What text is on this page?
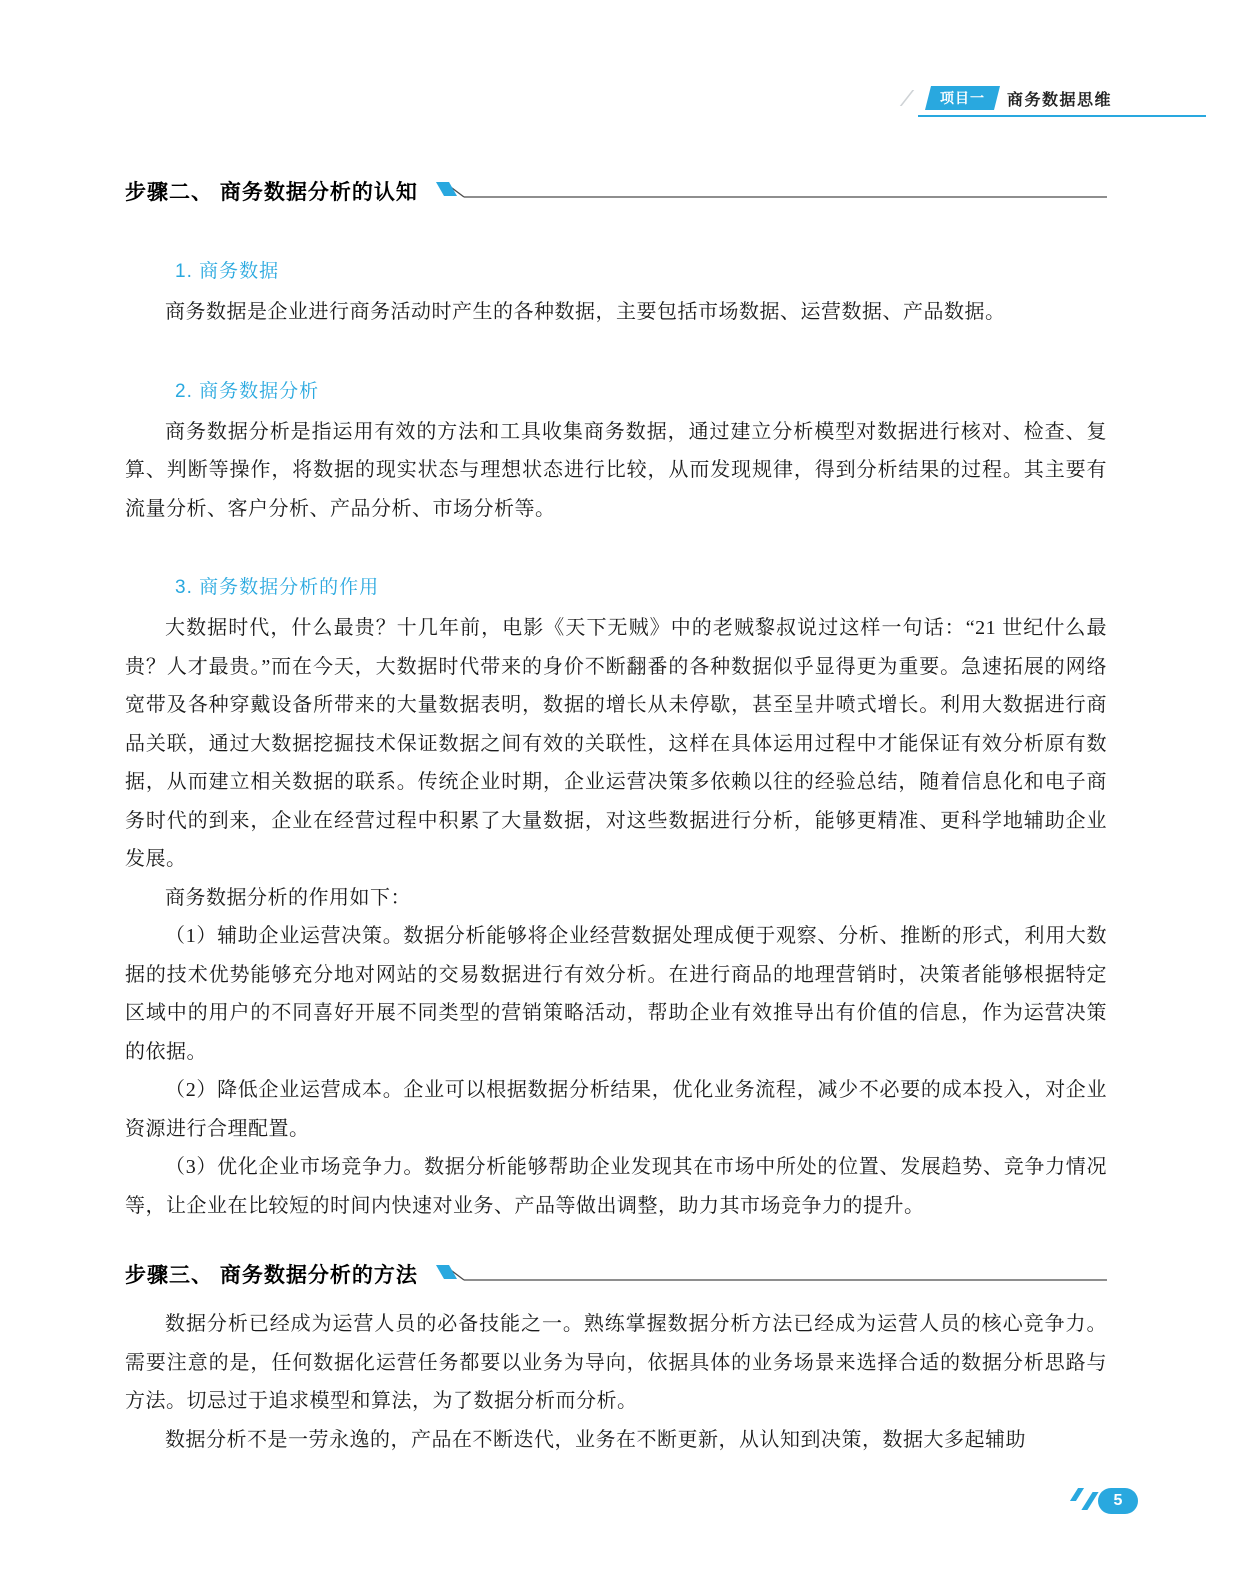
项目一 商务数据思维
步骤二、 商务数据分析的认知
1. 商务数据

商务数据是企业进行商务活动时产生的各种数据，主要包括市场数据、运营数据、产品数据。

2. 商务数据分析

商务数据分析是指运用有效的方法和工具收集商务数据，通过建立分析模型对数据进行核对、检查、复算、判断等操作，将数据的现实状态与理想状态进行比较，从而发现规律，得到分析结果的过程。其主要有流量分析、客户分析、产品分析、市场分析等。

3. 商务数据分析的作用

大数据时代，什么最贵？十几年前，电影《天下无贼》中的老贼黎叔说过这样一句话：“21 世纪什么最贵？人才最贵。”而在今天，大数据时代带来的身价不断翻番的各种数据似乎显得更为重要。急速拓展的网络宽带及各种穿戴设备所带来的大量数据表明，数据的增长从未停歇，甚至呈井喷式增长。利用大数据进行商品关联，通过大数据挖掘技术保证数据之间有效的关联性，这样在具体运用过程中才能保证有效分析原有数据，从而建立相关数据的联系。传统企业时期，企业运营决策多依赖以往的经验总结，随着信息化和电子商务时代的到来，企业在经营过程中积累了大量数据，对这些数据进行分析，能够更精准、更科学地辅助企业发展。

商务数据分析的作用如下：

（1）辅助企业运营决策。数据分析能够将企业经营数据处理成便于观察、分析、推断的形式，利用大数据的技术优势能够充分地对网站的交易数据进行有效分析。在进行商品的地理营销时，决策者能够根据特定区域中的用户的不同喜好开展不同类型的营销策略活动，帮助企业有效推导出有价值的信息，作为运营决策的依据。

（2）降低企业运营成本。企业可以根据数据分析结果，优化业务流程，减少不必要的成本投入，对企业资源进行合理配置。

（3）优化企业市场竞争力。数据分析能够帮助企业发现其在市场中所处的位置、发展趋势、竞争力情况等，让企业在比较短的时间内快速对业务、产品等做出调整，助力其市场竞争力的提升。

步骤三、 商务数据分析的方法

数据分析已经成为运营人员的必备技能之一。熟练掌握数据分析方法已经成为运营人员的核心竞争力。需要注意的是，任何数据化运营任务都要以业务为导向，依据具体的业务场景来选择合适的数据分析思路与方法。切忌过于追求模型和算法，为了数据分析而分析。

数据分析不是一劳永逸的，产品在不断迭代，业务在不断更新，从认知到决策，数据大多起辅助

5
